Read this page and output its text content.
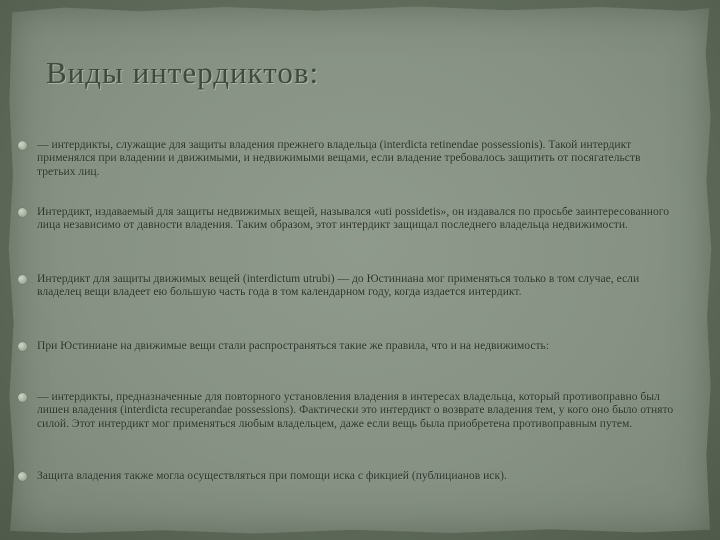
Виды интердиктов:
— интердикты, служащие для защиты владения прежнего владельца (interdicta retinendae possessionis). Такой интердикт применялся при владении и движимыми, и недвижимыми вещами, если владение требовалось защитить от посягательств третьих лиц.
Интердикт, издаваемый для защиты недвижимых вещей, назывался «uti possidetis», он издавался по просьбе заинтересованного лица независимо от давности владения. Таким образом, этот интердикт защищал последнего владельца недвижимости.
Интердикт для защиты движимых вещей (interdictum utrubi) — до Юстиниана мог применяться только в том случае, если владелец вещи владеет ею большую часть года в том календарном году, когда издается интердикт.
При Юстиниане на движимые вещи стали распространяться такие же правила, что и на недвижимость:
— интердикты, предназначенные для повторного установления владения в интересах владельца, который противоправно был лишен владения (interdicta recuperandae possessions). Фактически это интердикт о возврате владения тем, у кого оно было отнято силой. Этот интердикт мог применяться любым владельцем, даже если вещь была приобретена противоправным путем.
Защита владения также могла осуществляться при помощи иска с фикцией (публицианов иск).
